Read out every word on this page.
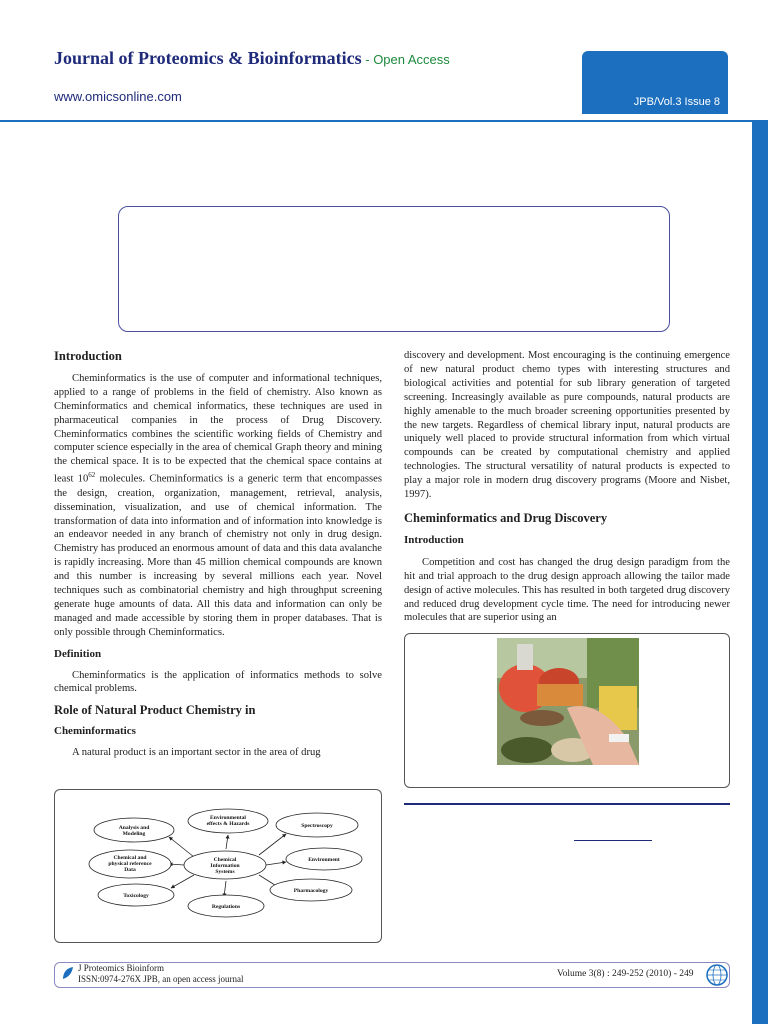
Journal of Proteomics & Bioinformatics - Open Access
www.omicsonline.com	JPB/Vol.3 Issue 8

Introduction

Cheminformatics is the use of computer and informational techniques, applied to a range of problems in the field of chemistry. Also known as Cheminformatics and chemical informatics, these techniques are used in pharmaceutical companies in the process of Drug Discovery. Cheminformatics combines the scientific working fields of Chemistry and computer science especially in the area of chemical Graph theory and mining the chemical space. It is to be expected that the chemical space contains at least $10^{62}$ molecules. Cheminformatics is a generic term that encompasses the design, creation, organization, management, retrieval, analysis, dissemination, visualization, and use of chemical information. The transformation of data into information and of information into knowledge is an endeavor needed in any branch of chemistry not only in drug design. Chemistry has produced an enormous amount of data and this data avalanche is rapidly increasing. More than 45 million chemical compounds are known and this number is increasing by several millions each year. Novel techniques such as combinatorial chemistry and high throughput screening generate huge amounts of data. All this data and information can only be managed and made accessible by storing them in proper databases. That is only possible through Cheminformatics.

Definition

Cheminformatics is the application of informatics methods to solve chemical problems.

Role of Natural Product Chemistry in

Cheminformatics

A natural product is an important sector in the area of drug

discovery and development. Most encouraging is the continuing emergence of new natural product chemo types with interesting structures and biological activities and potential for sub library generation of targeted screening. Increasingly available as pure compounds, natural products are highly amenable to the much broader screening opportunities presented by the new targets. Regardless of chemical library input, natural products are uniquely well placed to provide structural information from which virtual compounds can be created by computational chemistry and applied technologies. The structural versatility of natural products is expected to play a major role in modern drug discovery programs (Moore and Nisbet, 1997).

Cheminformatics and Drug Discovery

Introduction

Competition and cost has changed the drug design paradigm from the hit and trial approach to the drug design approach allowing the tailor made design of active molecules. This has resulted in both targeted drug discovery and reduced drug development cycle time. The need for introducing newer molecules that are superior using an

Chemical
Information
Systems
Environmental
effects & Hazards
Analysis and
Modeling
Spectroscopy
Chemical and
physical reference
Data
Environment
Toxicology
Pharmacology
Regulations
J Proteomics Bioinform
ISSN:0974-276X JPB, an open access journal	Volume 3(8) : 249-252 (2010) - 249
